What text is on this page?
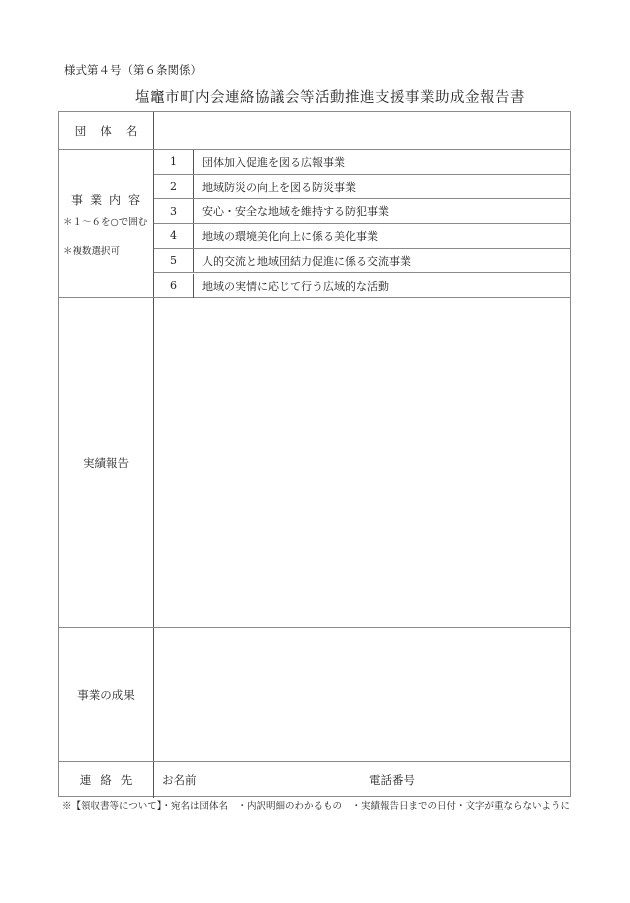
様式第４号（第６条関係）
塩竈市町内会連絡協議会等活動推進支援事業助成金報告書
団体名
事業内容
＊１～６を○で囲む
＊複数選択可
1	団体加入促進を図る広報事業
2	地域防災の向上を図る防災事業
3	安心・安全な地域を維持する防犯事業
4	地域の環境美化向上に係る美化事業
5	人的交流と地域団結力促進に係る交流事業
6	地域の実情に応じて行う広域的な活動
実績報告
事業の成果
連絡先 お名前	電話番号
※【領収書等について】・宛名は団体名　・内訳明細のわかるもの　・実績報告日までの日付・文字が重ならないように
